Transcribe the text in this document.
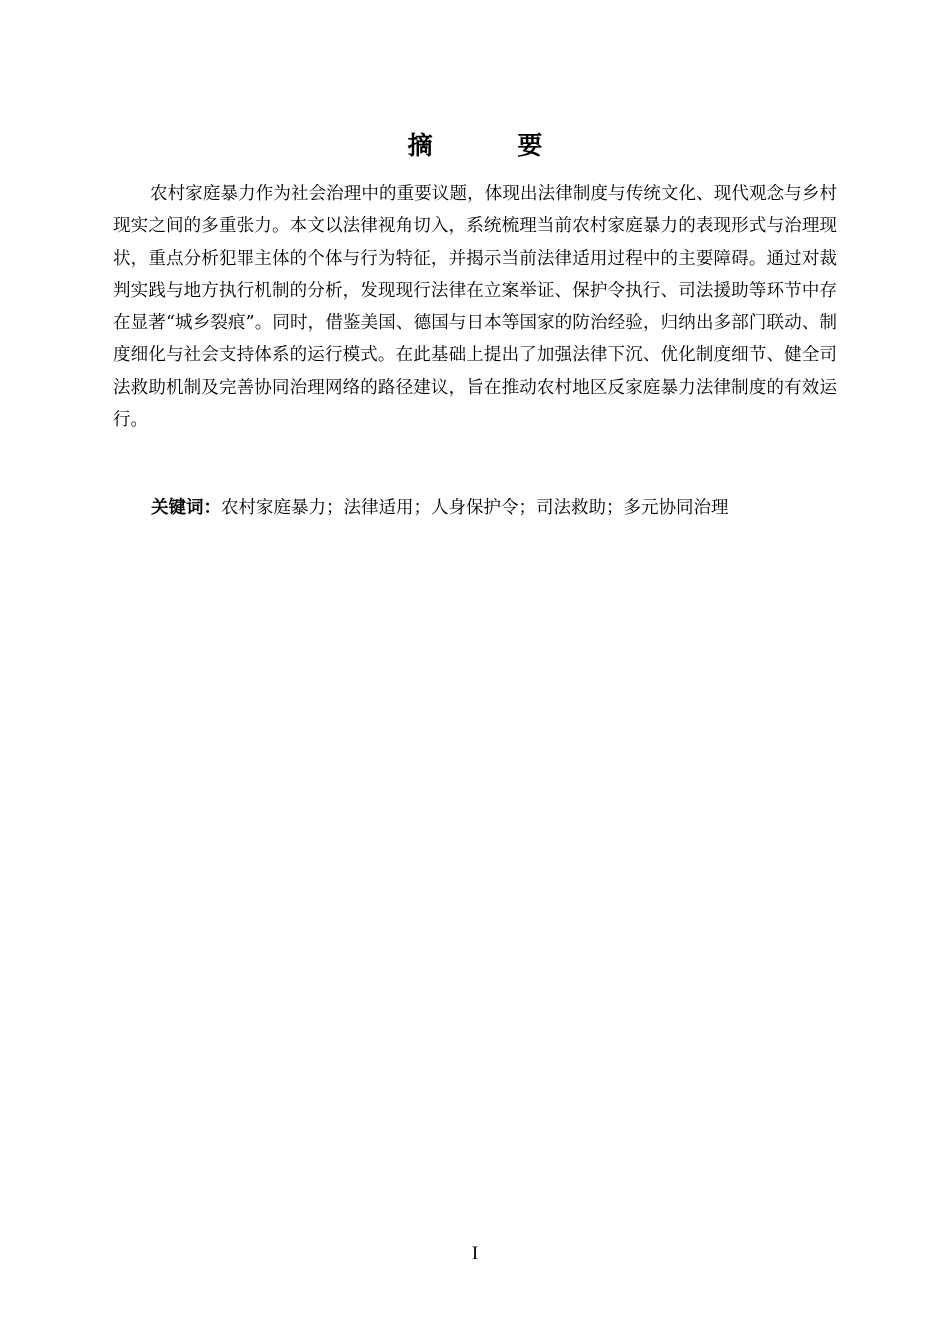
摘 要

农村家庭暴力作为社会治理中的重要议题，体现出法律制度与传统文化、现代观念与乡村现实之间的多重张力。本文以法律视角切入，系统梳理当前农村家庭暴力的表现形式与治理现状，重点分析犯罪主体的个体与行为特征，并揭示当前法律适用过程中的主要障碍。通过对裁判实践与地方执行机制的分析，发现现行法律在立案举证、保护令执行、司法援助等环节中存在显著“城乡裂痕”。同时，借鉴美国、德国与日本等国家的防治经验，归纳出多部门联动、制度细化与社会支持体系的运行模式。在此基础上提出了加强法律下沉、优化制度细节、健全司法救助机制及完善协同治理网络的路径建议，旨在推动农村地区反家庭暴力法律制度的有效运行。

关键词：农村家庭暴力；法律适用；人身保护令；司法救助；多元协同治理
I
